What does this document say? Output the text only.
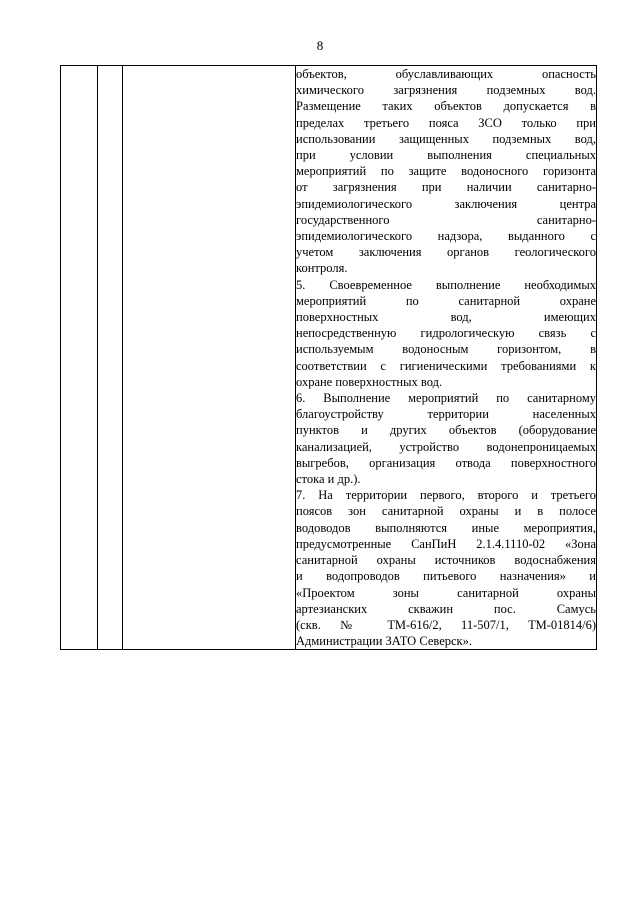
8

объектов, обуславливающих опасность
химического загрязнения подземных вод.
Размещение таких объектов допускается в
пределах третьего пояса ЗСО только при
использовании защищенных подземных вод,
при условии выполнения специальных
мероприятий по защите водоносного горизонта
от загрязнения при наличии санитарно-
эпидемиологического заключения центра
государственного санитарно-
эпидемиологического надзора, выданного с
учетом заключения органов геологического
контроля.
5. Своевременное выполнение необходимых
мероприятий по санитарной охране
поверхностных вод, имеющих
непосредственную гидрологическую связь с
используемым водоносным горизонтом, в
соответствии с гигиеническими требованиями к
охране поверхностных вод.
6. Выполнение мероприятий по санитарному
благоустройству территории населенных
пунктов и других объектов (оборудование
канализацией, устройство водонепроницаемых
выгребов, организация отвода поверхностного
стока и др.).
7. На территории первого, второго и третьего
поясов зон санитарной охраны и в полосе
водоводов выполняются иные мероприятия,
предусмотренные СанПиН 2.1.4.1110-02 «Зона
санитарной охраны источников водоснабжения
и водопроводов питьевого назначения» и
«Проектом зоны санитарной охраны
артезианских скважин пос. Самусь
(скв. № ТМ-616/2, 11-507/1, ТМ-01814/6)
Администрации ЗАТО Северск».
